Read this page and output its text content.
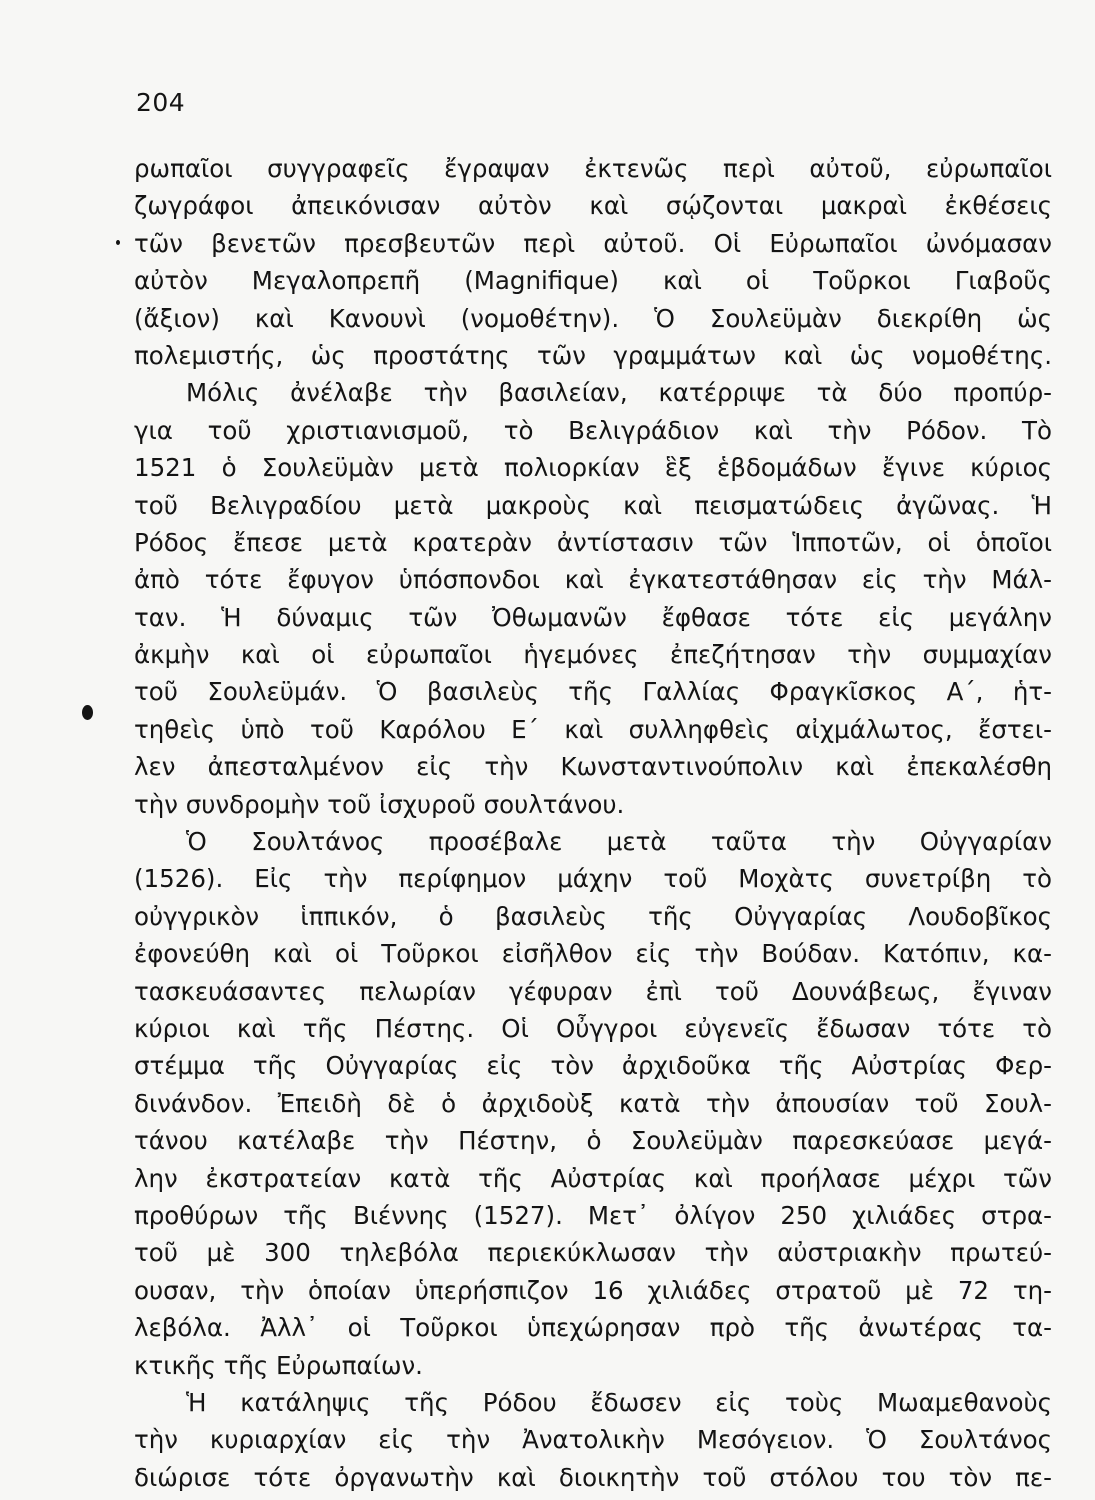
204
ρωπαῖοι συγγραφεῖς ἔγραψαν ἐκτενῶς περὶ αὐτοῦ, εὐρωπαῖοι
ζωγράφοι ἀπεικόνισαν αὐτὸν καὶ σῴζονται μακραὶ ἐκθέσεις
τῶν βενετῶν πρεσβευτῶν περὶ αὐτοῦ. Οἱ Εὐρωπαῖοι ὠνόμασαν
αὐτὸν Μεγαλοπρεπῆ (Magnifique) καὶ οἱ Τοῦρκοι Γιαβοῦς
(ἄξιον) καὶ Κανουνὶ (νομοθέτην). Ὁ Σουλεϋμὰν διεκρίθη ὡς
πολεμιστής, ὡς προστάτης τῶν γραμμάτων καὶ ὡς νομοθέτης.
Μόλις ἀνέλαβε τὴν βασιλείαν, κατέρριψε τὰ δύο προπύρ-
για τοῦ χριστιανισμοῦ, τὸ Βελιγράδιον καὶ τὴν Ρόδον. Τὸ
1521 ὁ Σουλεϋμὰν μετὰ πολιορκίαν ἓξ ἑβδομάδων ἔγινε κύριος
τοῦ Βελιγραδίου μετὰ μακροὺς καὶ πεισματώδεις ἀγῶνας. Ἡ
Ρόδος ἔπεσε μετὰ κρατερὰν ἀντίστασιν τῶν Ἱπποτῶν, οἱ ὁποῖοι
ἀπὸ τότε ἔφυγον ὑπόσπονδοι καὶ ἐγκατεστάθησαν εἰς τὴν Μάλ-
ταν. Ἡ δύναμις τῶν Ὀθωμανῶν ἔφθασε τότε εἰς μεγάλην
ἀκμὴν καὶ οἱ εὐρωπαῖοι ἡγεμόνες ἐπεζήτησαν τὴν συμμαχίαν
τοῦ Σουλεϋμάν. Ὁ βασιλεὺς τῆς Γαλλίας Φραγκῖσκος Α΄, ἡτ-
τηθεὶς ὑπὸ τοῦ Καρόλου Ε΄ καὶ συλληφθεὶς αἰχμάλωτος, ἔστει-
λεν ἀπεσταλμένον εἰς τὴν Κωνσταντινούπολιν καὶ ἐπεκαλέσθη
τὴν συνδρομὴν τοῦ ἰσχυροῦ σουλτάνου.
Ὁ Σουλτάνος προσέβαλε μετὰ ταῦτα τὴν Οὐγγαρίαν
(1526). Εἰς τὴν περίφημον μάχην τοῦ Μοχὰτς συνετρίβη τὸ
οὐγγρικὸν ἱππικόν, ὁ βασιλεὺς τῆς Οὐγγαρίας Λουδοβῖκος
ἐφονεύθη καὶ οἱ Τοῦρκοι εἰσῆλθον εἰς τὴν Βούδαν. Κατόπιν, κα-
τασκευάσαντες πελωρίαν γέφυραν ἐπὶ τοῦ Δουνάβεως, ἔγιναν
κύριοι καὶ τῆς Πέστης. Οἱ Οὖγγροι εὐγενεῖς ἔδωσαν τότε τὸ
στέμμα τῆς Οὐγγαρίας εἰς τὸν ἀρχιδοῦκα τῆς Αὐστρίας Φερ-
δινάνδον. Ἐπειδὴ δὲ ὁ ἀρχιδοὺξ κατὰ τὴν ἀπουσίαν τοῦ Σουλ-
τάνου κατέλαβε τὴν Πέστην, ὁ Σουλεϋμὰν παρεσκεύασε μεγά-
λην ἐκστρατείαν κατὰ τῆς Αὐστρίας καὶ προήλασε μέχρι τῶν
προθύρων τῆς Βιέννης (1527). Μετ᾽ ὀλίγον 250 χιλιάδες στρα-
τοῦ μὲ 300 τηλεβόλα περιεκύκλωσαν τὴν αὐστριακὴν πρωτεύ-
ουσαν, τὴν ὁποίαν ὑπερήσπιζον 16 χιλιάδες στρατοῦ μὲ 72 τη-
λεβόλα. Ἀλλ᾽ οἱ Τοῦρκοι ὑπεχώρησαν πρὸ τῆς ἀνωτέρας τα-
κτικῆς τῆς Εὐρωπαίων.
Ἡ κατάληψις τῆς Ρόδου ἔδωσεν εἰς τοὺς Μωαμεθανοὺς
τὴν κυριαρχίαν εἰς τὴν Ἀνατολικὴν Μεσόγειον. Ὁ Σουλτάνος
διώρισε τότε ὀργανωτὴν καὶ διοικητὴν τοῦ στόλου του τὸν πε-
